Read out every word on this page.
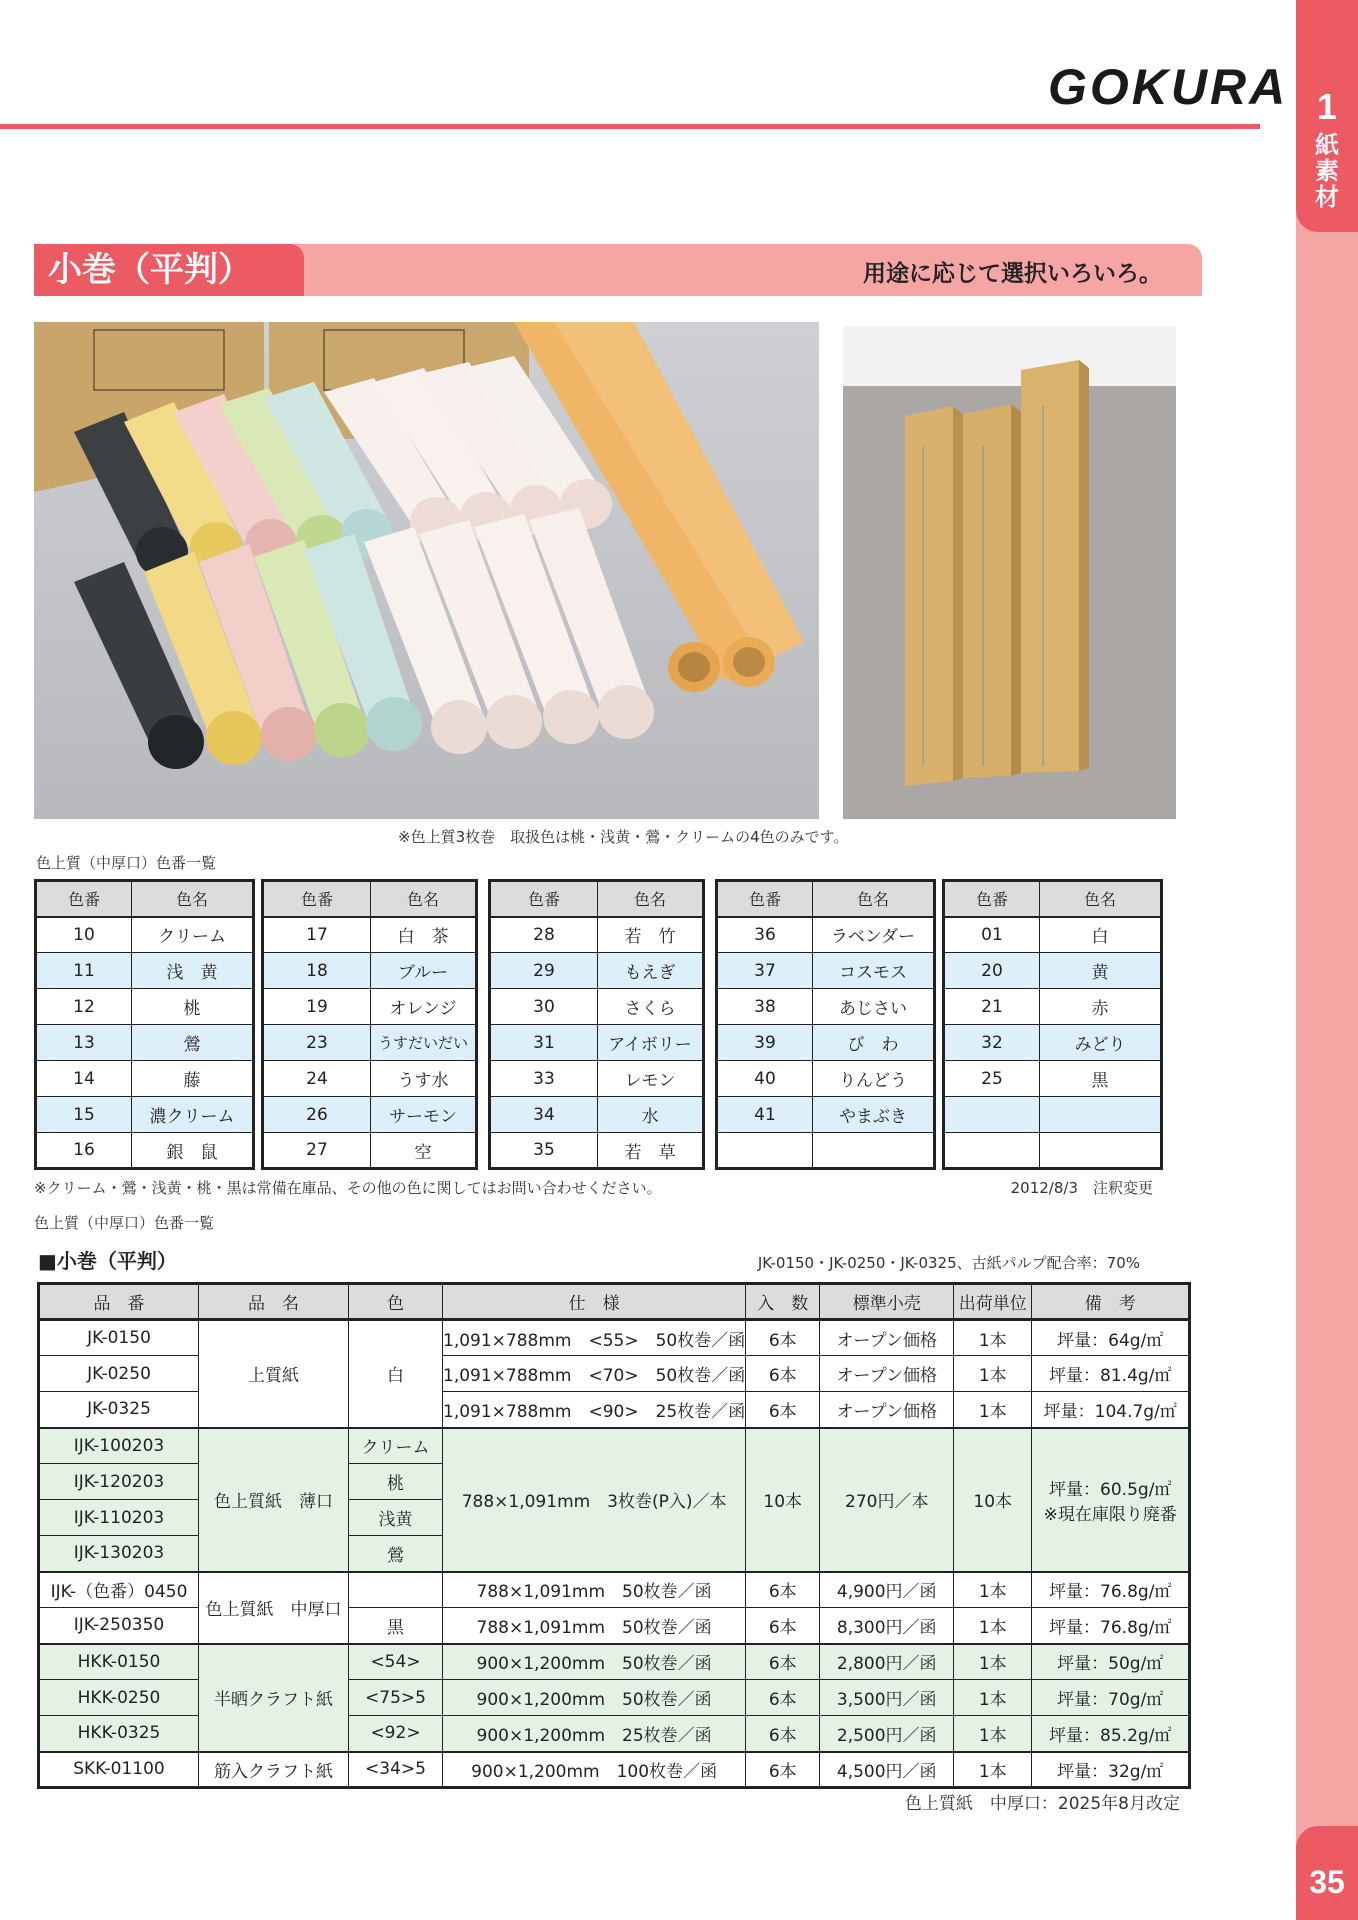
GOKURA 1
紙
素
材
35
小巻（平判）	用途に応じて選択いろいろ。
※色上質3枚巻　取扱色は桃・浅黄・鶯・クリームの4色のみです。
色上質（中厚口）色番一覧
色番	色名
10	クリーム
11	浅　黄
12	桃
13	鶯
14	藤
15	濃クリーム
16	銀　鼠
色番	色名
17	白　茶
18	ブルー
19	オレンジ
23	うすだいだい
24	うす水
26	サーモン
27	空
色番	色名
28	若　竹
29	もえぎ
30	さくら
31	アイボリー
33	レモン
34	水
35	若　草
色番	色名
36	ラベンダー
37	コスモス
38	あじさい
39	び　わ
40	りんどう
41	やまぶき

色番	色名
01	白
20	黄
21	赤
32	みどり
25	黒

※クリーム・鶯・浅黄・桃・黒は常備在庫品、その他の色に関してはお問い合わせください。	2012/8/3　注釈変更
色上質（中厚口）色番一覧
■小巻（平判）	JK-0150・JK-0250・JK-0325、古紙パルプ配合率：70%
品　番	品　名	色	仕　様	入　数	標準小売	出荷単位	備　考
JK-0150	上質紙	白	1,091×788mm　<55>　50枚巻／函	6本	オープン価格	1本	坪量：64g/㎡
JK-0250			1,091×788mm　<70>　50枚巻／函	6本	オープン価格	1本	坪量：81.4g/㎡
JK-0325			1,091×788mm　<90>　25枚巻／函	6本	オープン価格	1本	坪量：104.7g/㎡
IJK-100203	色上質紙　薄口	クリーム	788×1,091mm　3枚巻(P入)／本	10本	270円／本	10本	坪量：60.5g/㎡
※現在庫限り廃番

IJK-120203		桃					
IJK-110203		浅黄					
IJK-130203		鶯					
IJK-（色番）0450	色上質紙　中厚口		788×1,091mm　50枚巻／函	6本	4,900円／函	1本	坪量：76.8g/㎡
IJK-250350		黒	788×1,091mm　50枚巻／函	6本	8,300円／函	1本	坪量：76.8g/㎡
HKK-0150	半晒クラフト紙	<54>	900×1,200mm　50枚巻／函	6本	2,800円／函	1本	坪量：50g/㎡
HKK-0250		<75>5	900×1,200mm　50枚巻／函	6本	3,500円／函	1本	坪量：70g/㎡
HKK-0325		<92>	900×1,200mm　25枚巻／函	6本	2,500円／函	1本	坪量：85.2g/㎡
SKK-01100	筋入クラフト紙	<34>5	900×1,200mm　100枚巻／函	6本	4,500円／函	1本	坪量：32g/㎡
色上質紙　中厚口：2025年8月改定
